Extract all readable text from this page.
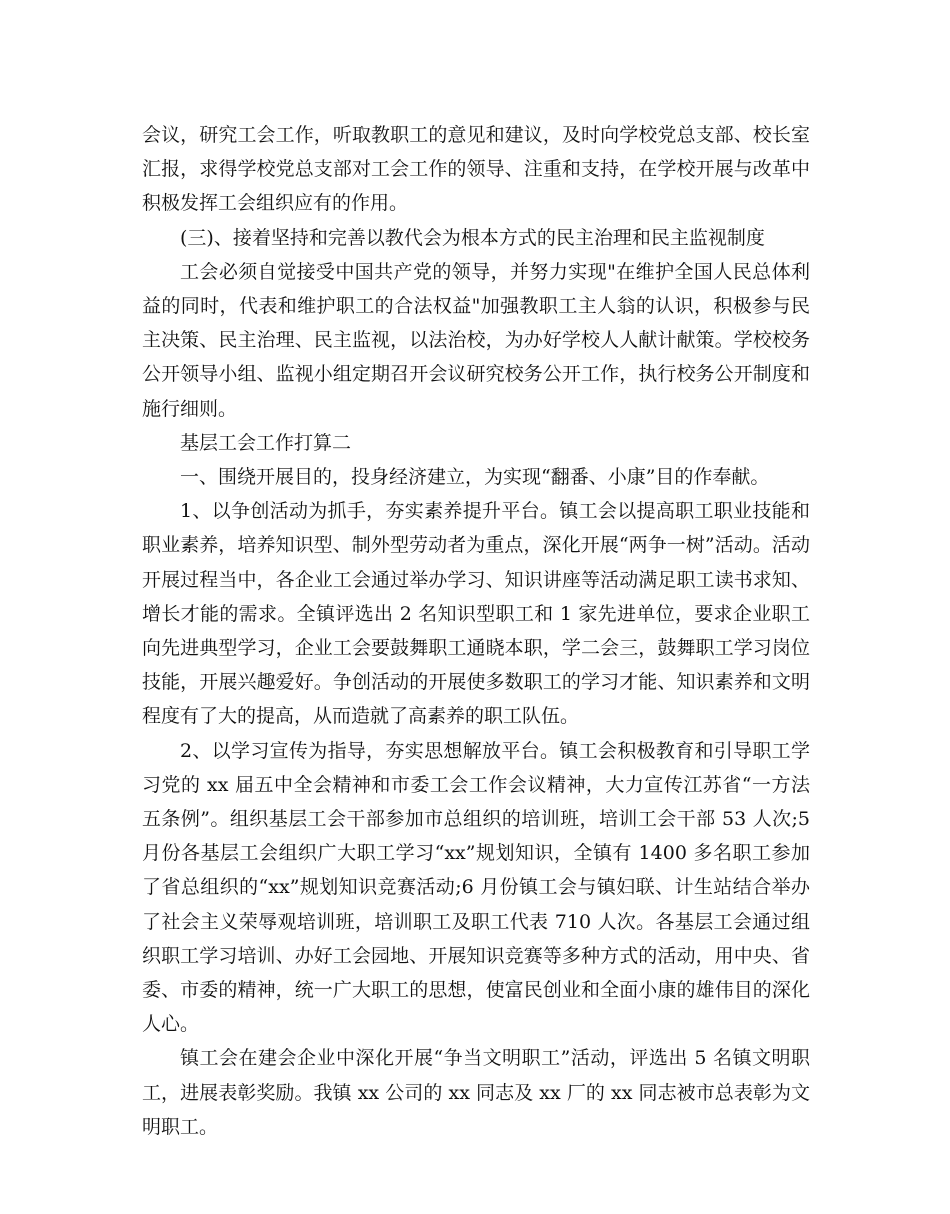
会议，研究工会工作，听取教职工的意见和建议，及时向学校党总支部、校长室汇报，求得学校党总支部对工会工作的领导、注重和支持，在学校开展与改革中积极发挥工会组织应有的作用。

(三)、接着坚持和完善以教代会为根本方式的民主治理和民主监视制度

工会必须自觉接受中国共产党的领导，并努力实现"在维护全国人民总体利益的同时，代表和维护职工的合法权益"加强教职工主人翁的认识，积极参与民主决策、民主治理、民主监视，以法治校，为办好学校人人献计献策。学校校务公开领导小组、监视小组定期召开会议研究校务公开工作，执行校务公开制度和施行细则。

基层工会工作打算二

一、围绕开展目的，投身经济建立，为实现“翻番、小康”目的作奉献。

1、以争创活动为抓手，夯实素养提升平台。镇工会以提高职工职业技能和职业素养，培养知识型、制外型劳动者为重点，深化开展“两争一树”活动。活动开展过程当中，各企业工会通过举办学习、知识讲座等活动满足职工读书求知、增长才能的需求。全镇评选出 2 名知识型职工和 1 家先进单位，要求企业职工向先进典型学习，企业工会要鼓舞职工通晓本职，学二会三，鼓舞职工学习岗位技能，开展兴趣爱好。争创活动的开展使多数职工的学习才能、知识素养和文明程度有了大的提高，从而造就了高素养的职工队伍。

2、以学习宣传为指导，夯实思想解放平台。镇工会积极教育和引导职工学习党的 xx 届五中全会精神和市委工会工作会议精神，大力宣传江苏省“一方法五条例”。组织基层工会干部参加市总组织的培训班，培训工会干部 53 人次;5 月份各基层工会组织广大职工学习“xx”规划知识，全镇有 1400 多名职工参加了省总组织的“xx”规划知识竞赛活动;6 月份镇工会与镇妇联、计生站结合举办了社会主义荣辱观培训班，培训职工及职工代表 710 人次。各基层工会通过组织职工学习培训、办好工会园地、开展知识竞赛等多种方式的活动，用中央、省委、市委的精神，统一广大职工的思想，使富民创业和全面小康的雄伟目的深化人心。

镇工会在建会企业中深化开展“争当文明职工”活动，评选出 5 名镇文明职工，进展表彰奖励。我镇 xx 公司的 xx 同志及 xx 厂的 xx 同志被市总表彰为文明职工。
